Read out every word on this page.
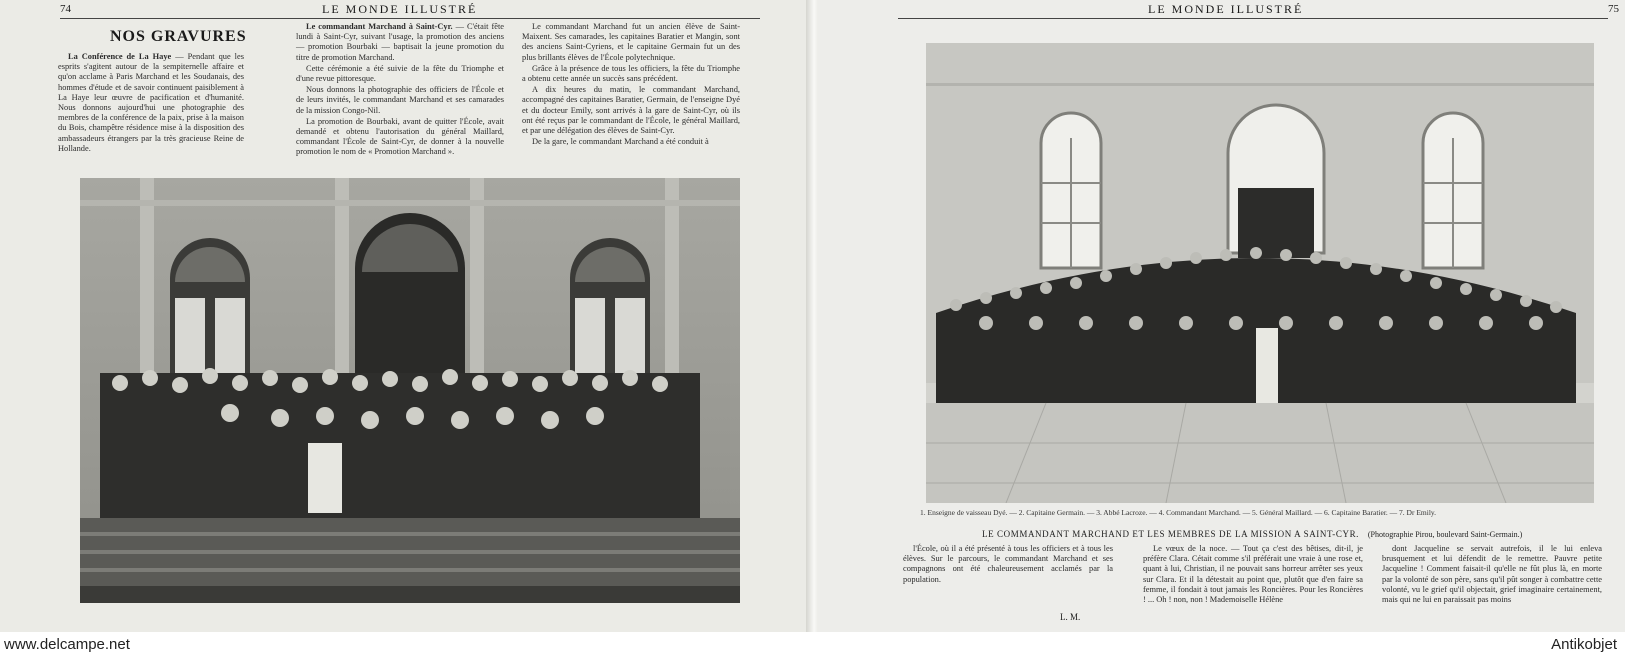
74	LE MONDE ILLUSTRÉ
NOS GRAVURES

La Conférence de La Haye — Pendant que les esprits s'agitent autour de la sempiternelle affaire et qu'on acclame à Paris Marchand et les Soudanais, des hommes d'étude et de savoir continuent paisiblement à La Haye leur œuvre de pacification et d'humanité. Nous donnons aujourd'hui une photographie des membres de la conférence de la paix, prise à la maison du Bois, champêtre résidence mise à la disposition des ambassadeurs étrangers par la très gracieuse Reine de Hollande.

Le commandant Marchand à Saint-Cyr. — C'était fête lundi à Saint-Cyr, suivant l'usage, la promotion des anciens — promotion Bourbaki — baptisait la jeune promotion du titre de promotion Marchand.

Cette cérémonie a été suivie de la fête du Triomphe et d'une revue pittoresque.

Nous donnons la photographie des officiers de l'École et de leurs invités, le commandant Marchand et ses camarades de la mission Congo-Nil.

La promotion de Bourbaki, avant de quitter l'École, avait demandé et obtenu l'autorisation du général Maillard, commandant l'École de Saint-Cyr, de donner à la nouvelle promotion le nom de « Promotion Marchand ».

Le commandant Marchand fut un ancien élève de Saint-Maixent. Ses camarades, les capitaines Baratier et Mangin, sont des anciens Saint-Cyriens, et le capitaine Germain fut un des plus brillants élèves de l'École polytechnique.

Grâce à la présence de tous les officiers, la fête du Triomphe a obtenu cette année un succès sans précédent.

A dix heures du matin, le commandant Marchand, accompagné des capitaines Baratier, Germain, de l'enseigne Dyé et du docteur Emily, sont arrivés à la gare de Saint-Cyr, où ils ont été reçus par le commandant de l'École, le général Maillard, et par une délégation des élèves de Saint-Cyr.

De la gare, le commandant Marchand a été conduit à

LE MONDE ILLUSTRÉ	75
1. Enseigne de vaisseau Dyé. — 2. Capitaine Germain. — 3. Abbé Lacroze. — 4. Commandant Marchand. — 5. Général Maillard. — 6. Capitaine Baratier. — 7. Dr Emily.
LE COMMANDANT MARCHAND ET LES MEMBRES DE LA MISSION A SAINT-CYR. (Photographie Pirou, boulevard Saint-Germain.)

l'École, où il a été présenté à tous les officiers et à tous les élèves. Sur le parcours, le commandant Marchand et ses compagnons ont été chaleureusement acclamés par la population.

L. M.

Le vœux de la noce. — Tout ça c'est des bêtises, dit-il, je préfère Clara. Cétait comme s'il préférait une vraie à une rose et, quant à lui, Christian, il ne pouvait sans horreur arrêter ses yeux sur Clara. Et il la détestait au point que, plutôt que d'en faire sa femme, il fondait à tout jamais les Roncières. Pour les Roncières ! ... Oh ! non, non ! Mademoiselle Hélène

dont Jacqueline se servait autrefois, il le lui enleva brusquement et lui défendit de le remettre. Pauvre petite Jacqueline ! Comment faisait-il qu'elle ne fût plus là, en morte par la volonté de son père, sans qu'il pût songer à combattre cette volonté, vu le grief qu'il objectait, grief imaginaire certainement, mais qui ne lui en paraissait pas moins

www.delcampe.net	Antikobjet
